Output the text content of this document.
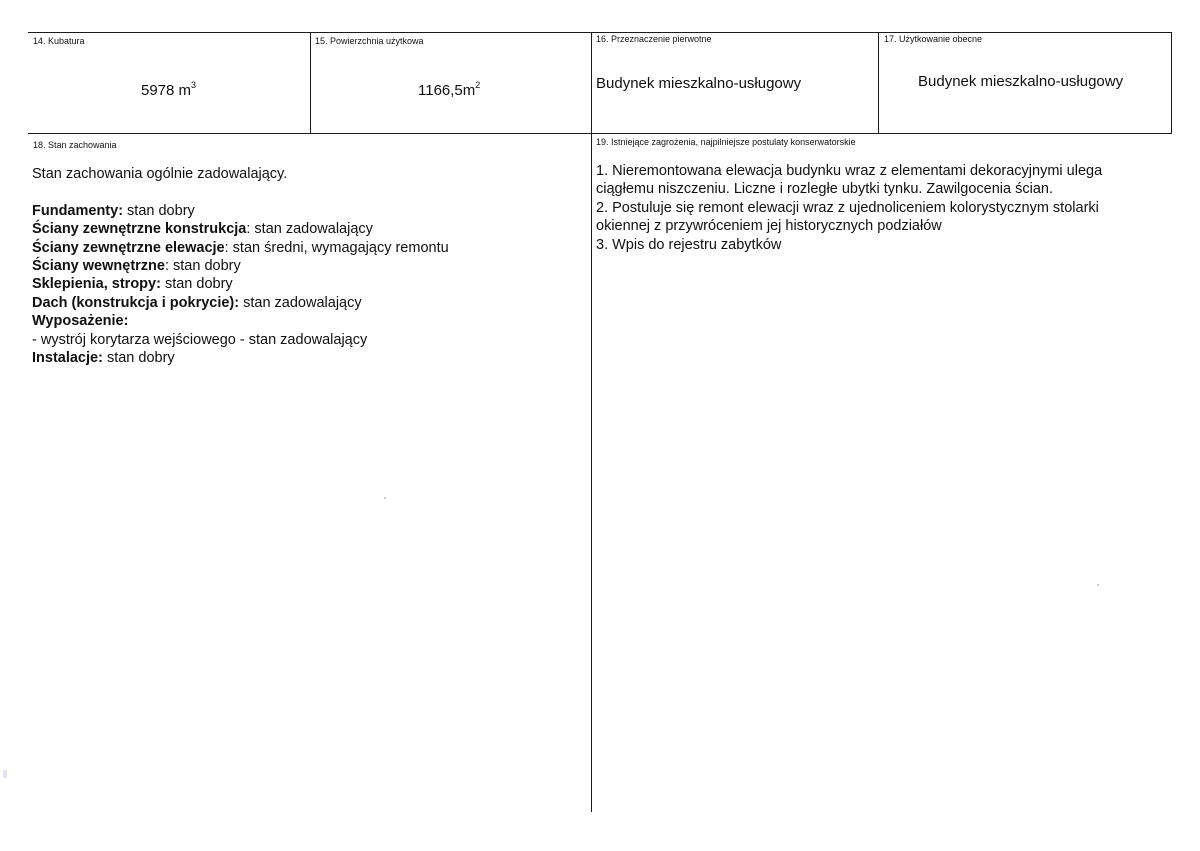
14. Kubatura
5978 $m^3$
15. Powierzchnia użytkowa
$1166,5m^2$
16. Przeznaczenie pierwotne
Budynek mieszkalno-usługowy
17. Użytkowanie obecne
Budynek mieszkalno-usługowy
18. Stan zachowania
Stan zachowania ogólnie zadowalający.
Fundamenty: stan dobry
Ściany zewnętrzne konstrukcja: stan zadowalający
Ściany zewnętrzne elewacje: stan średni, wymagający remontu
Ściany wewnętrzne: stan dobry
Sklepienia, stropy: stan dobry
Dach (konstrukcja i pokrycie): stan zadowalający
Wyposażenie:
- wystrój korytarza wejściowego - stan zadowalający
Instalacje: stan dobry
19. Istniejące zagrożenia, najpilniejsze postulaty konserwatorskie
1. Nieremontowana elewacja budynku wraz z elementami dekoracyjnymi ulega
ciągłemu niszczeniu. Liczne i rozległe ubytki tynku. Zawilgocenia ścian.
2. Postuluje się remont elewacji wraz z ujednoliceniem kolorystycznym stolarki
okiennej z przywróceniem jej historycznych podziałów
3. Wpis do rejestru zabytków
